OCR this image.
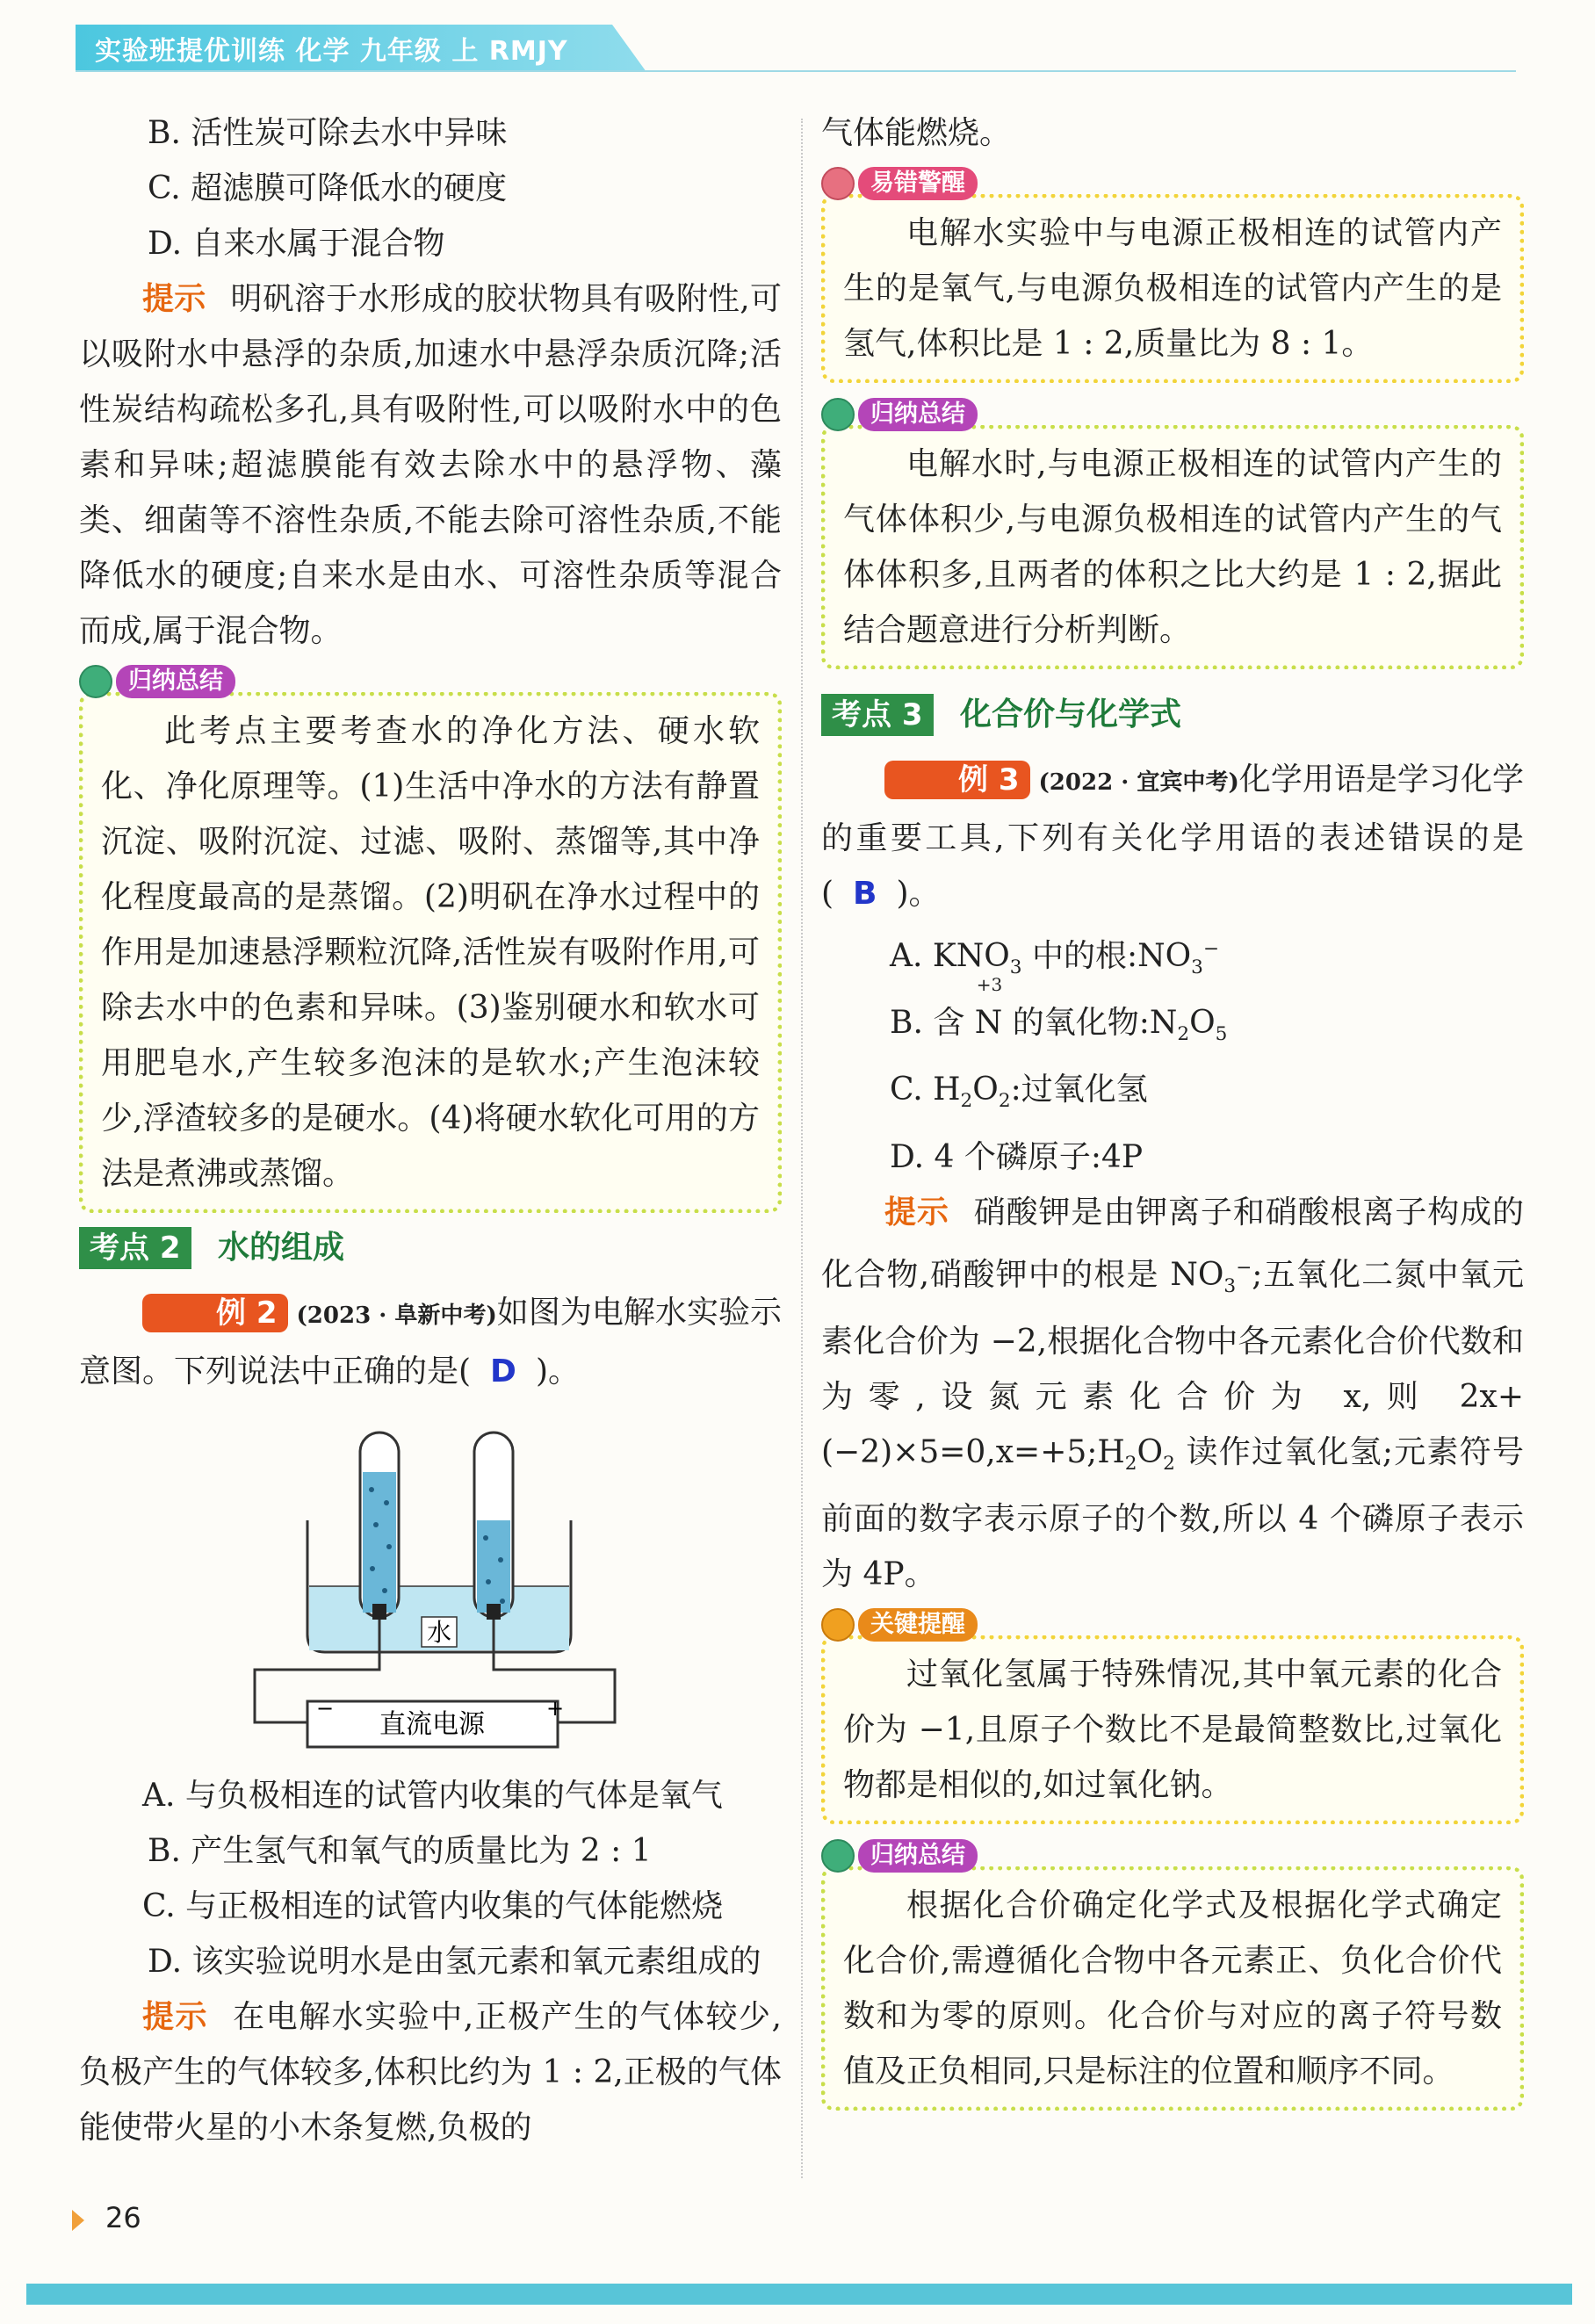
实验班提优训练 化学 九年级 上 RMJY
B. 活性炭可除去水中异味
C. 超滤膜可降低水的硬度
D. 自来水属于混合物

提示 明矾溶于水形成的胶状物具有吸附性,可以吸附水中悬浮的杂质,加速水中悬浮杂质沉降;活性炭结构疏松多孔,具有吸附性,可以吸附水中的色素和异味;超滤膜能有效去除水中的悬浮物、藻类、细菌等不溶性杂质,不能去除可溶性杂质,不能降低水的硬度;自来水是由水、可溶性杂质等混合而成,属于混合物。

归纳总结

此考点主要考查水的净化方法、硬水软化、净化原理等。(1)生活中净水的方法有静置沉淀、吸附沉淀、过滤、吸附、蒸馏等,其中净化程度最高的是蒸馏。(2)明矾在净水过程中的作用是加速悬浮颗粒沉降,活性炭有吸附作用,可除去水中的色素和异味。(3)鉴别硬水和软水可用肥皂水,产生较多泡沫的是软水;产生泡沫较少,浮渣较多的是硬水。(4)将硬水软化可用的方法是煮沸或蒸馏。

考点 2	水的组成

例 2 (2023 · 阜新中考)如图为电解水实验示意图。下列说法中正确的是( D )。

水
直流电源
−	+

A. 与负极相连的试管内收集的气体是氧气

B. 产生氢气和氧气的质量比为 2 : 1

C. 与正极相连的试管内收集的气体能燃烧

D. 该实验说明水是由氢元素和氧元素组成的

提示 在电解水实验中,正极产生的气体较少,负极产生的气体较多,体积比约为 1 : 2,正极的气体能使带火星的小木条复燃,负极的

气体能燃烧。

易错警醒

电解水实验中与电源正极相连的试管内产生的是氧气,与电源负极相连的试管内产生的是氢气,体积比是 1 : 2,质量比为 8 : 1。

归纳总结

电解水时,与电源正极相连的试管内产生的气体体积少,与电源负极相连的试管内产生的气体体积多,且两者的体积之比大约是 1 : 2,据此结合题意进行分析判断。

考点 3	化合价与化学式

例 3 (2022 · 宜宾中考)化学用语是学习化学的重要工具,下列有关化学用语的表述错误的是( B )。

A. $KNO_3$ 中的根$:NO_3^-$
B. 含
+3
N 的氧化物$:N_2O_5$
C. $H_2O_2$:过氧化氢
D. 4 个磷原子:4P

提示 硝酸钾是由钾离子和硝酸根离子构成的化合物,硝酸钾中的根是 $NO_3^-$;五氧化二氮中氧元素化合价为 −2,根据化合物中各元素化合价代数和为零,设氮元素化合价为 x,则 $2x+(-2)\times 5=0,x=+5;H_2O_2$ 读作过氧化氢;元素符号前面的数字表示原子的个数,所以 4 个磷原子表示为 4P。

关键提醒

过氧化氢属于特殊情况,其中氧元素的化合价为 −1,且原子个数比不是最简整数比,过氧化物都是相似的,如过氧化钠。

归纳总结

根据化合价确定化学式及根据化学式确定化合价,需遵循化合物中各元素正、负化合价代数和为零的原则。化合价与对应的离子符号数值及正负相同,只是标注的位置和顺序不同。

26
